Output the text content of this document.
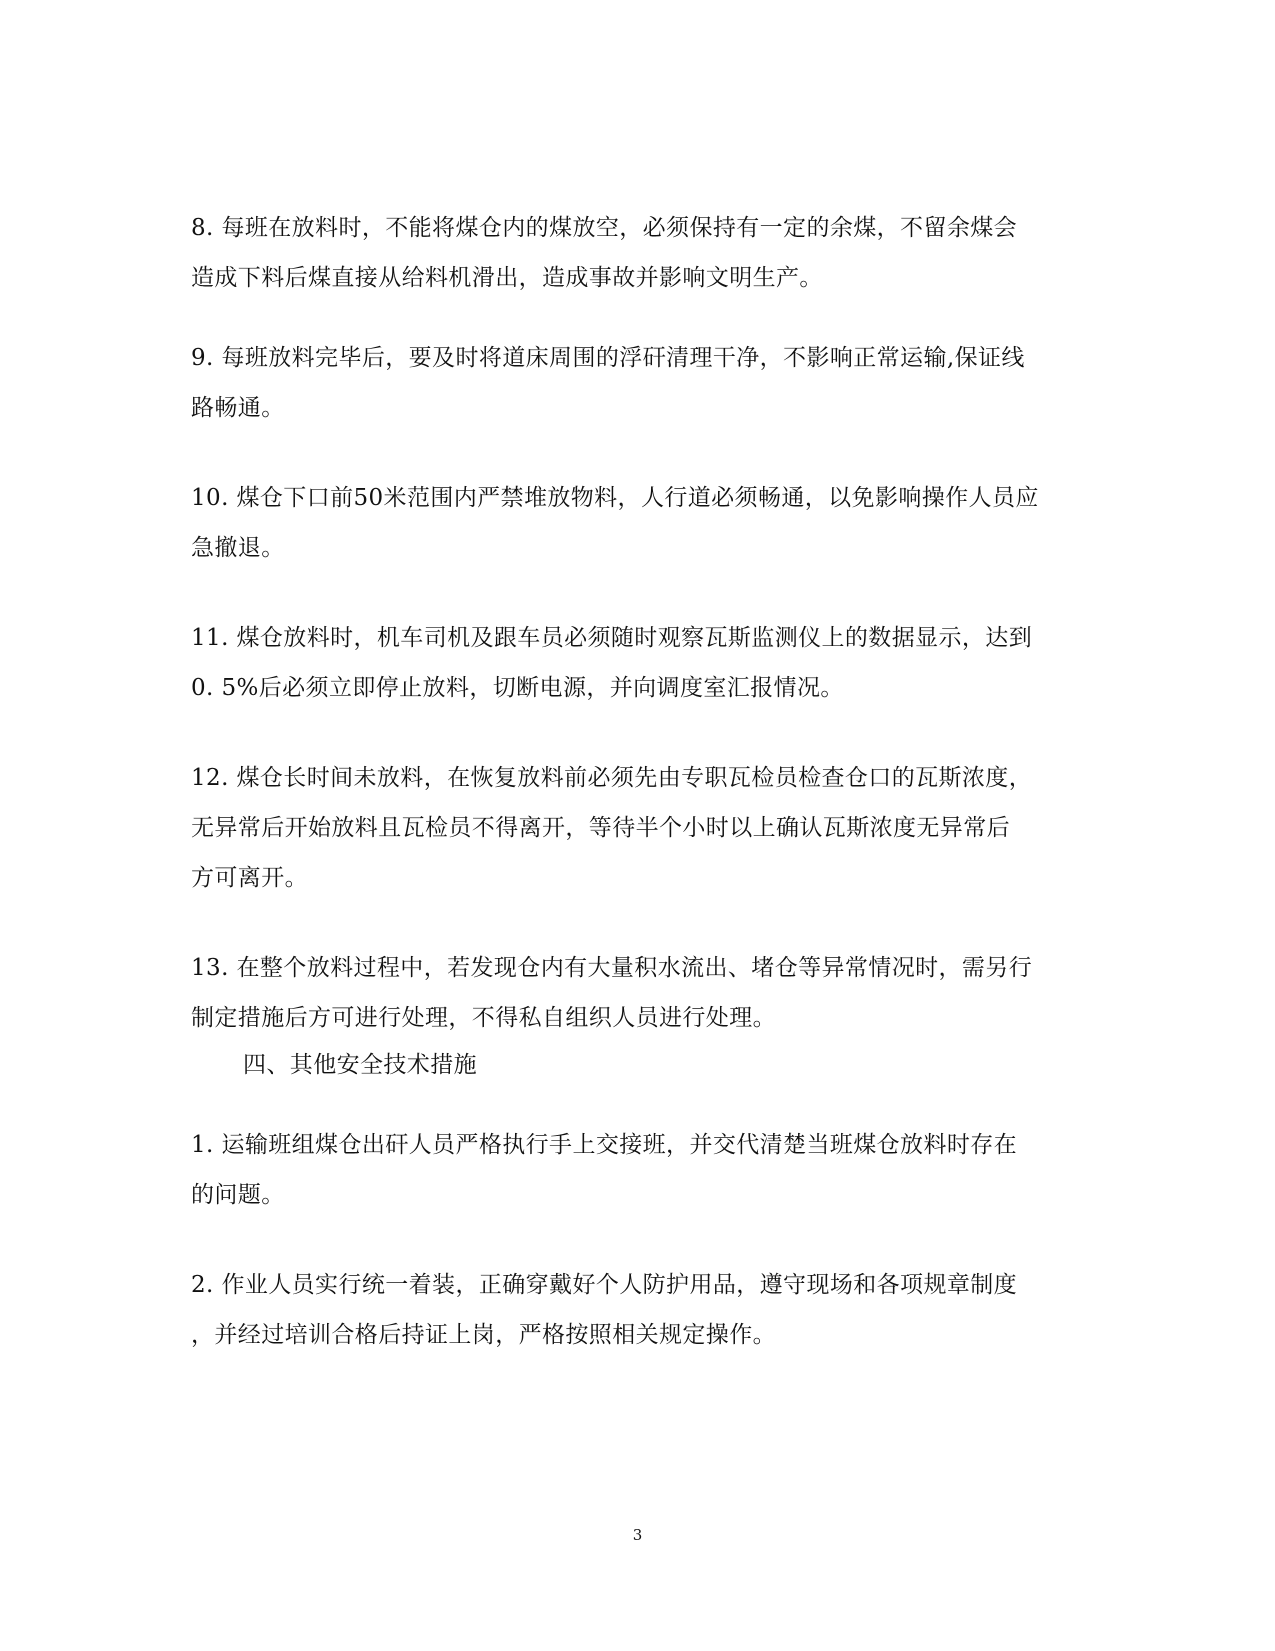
8. 每班在放料时，不能将煤仓内的煤放空，必须保持有一定的余煤，不留余煤会
造成下料后煤直接从给料机滑出，造成事故并影响文明生产。
9. 每班放料完毕后，要及时将道床周围的浮矸清理干净，不影响正常运输,保证线
路畅通。
10. 煤仓下口前50米范围内严禁堆放物料，人行道必须畅通，以免影响操作人员应
急撤退。
11. 煤仓放料时，机车司机及跟车员必须随时观察瓦斯监测仪上的数据显示，达到
0. 5%后必须立即停止放料，切断电源，并向调度室汇报情况。
12. 煤仓长时间未放料，在恢复放料前必须先由专职瓦检员检查仓口的瓦斯浓度，
无异常后开始放料且瓦检员不得离开，等待半个小时以上确认瓦斯浓度无异常后
方可离开。
13. 在整个放料过程中，若发现仓内有大量积水流出、堵仓等异常情况时，需另行
制定措施后方可进行处理，不得私自组织人员进行处理。
四、其他安全技术措施
1. 运输班组煤仓出矸人员严格执行手上交接班，并交代清楚当班煤仓放料时存在
的问题。
2. 作业人员实行统一着装，正确穿戴好个人防护用品，遵守现场和各项规章制度
，并经过培训合格后持证上岗，严格按照相关规定操作。
3
